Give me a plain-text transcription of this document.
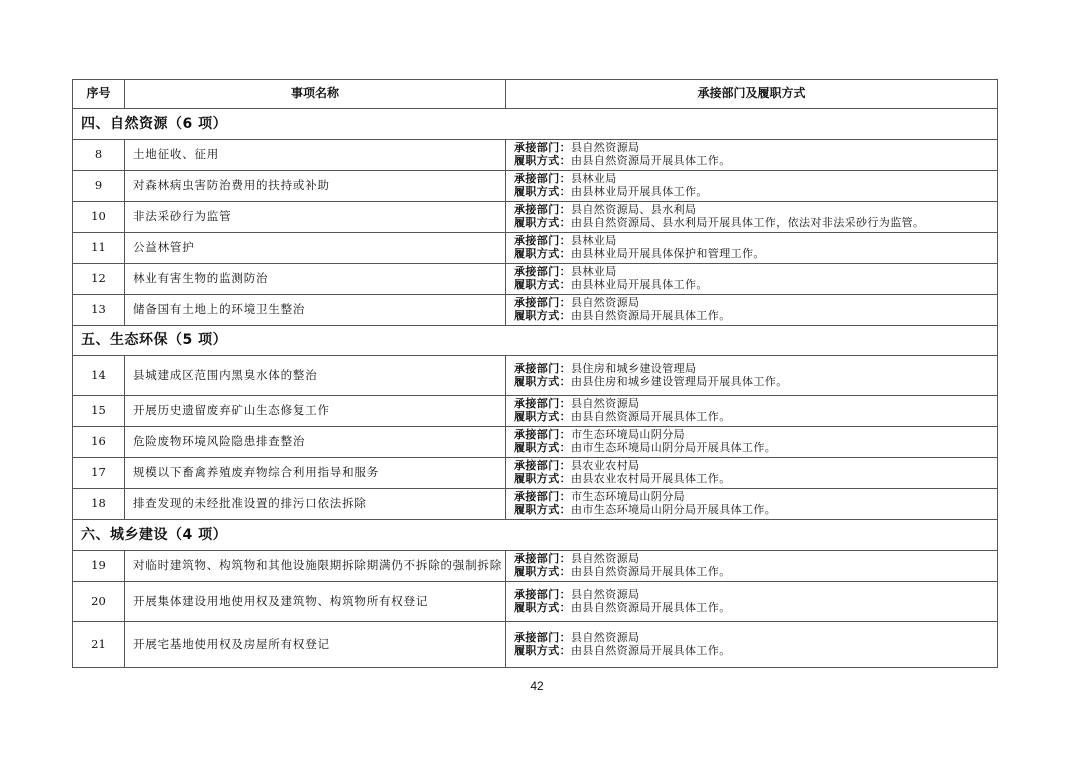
序号	事项名称	承接部门及履职方式
四、自然资源（6 项）		
8	土地征收、征用	承接部门：县自然资源局
履职方式：由县自然资源局开展具体工作。

9	对森林病虫害防治费用的扶持或补助	承接部门：县林业局
履职方式：由县林业局开展具体工作。

10	非法采砂行为监管	承接部门：县自然资源局、县水利局
履职方式：由县自然资源局、县水利局开展具体工作，依法对非法采砂行为监管。

11	公益林管护	承接部门：县林业局
履职方式：由县林业局开展具体保护和管理工作。

12	林业有害生物的监测防治	承接部门：县林业局
履职方式：由县林业局开展具体工作。

13	储备国有土地上的环境卫生整治	承接部门：县自然资源局
履职方式：由县自然资源局开展具体工作。

五、生态环保（5 项）		
14	县城建成区范围内黑臭水体的整治	承接部门：县住房和城乡建设管理局
履职方式：由县住房和城乡建设管理局开展具体工作。

15	开展历史遗留废弃矿山生态修复工作	承接部门：县自然资源局
履职方式：由县自然资源局开展具体工作。

16	危险废物环境风险隐患排查整治	承接部门：市生态环境局山阴分局
履职方式：由市生态环境局山阴分局开展具体工作。

17	规模以下畜禽养殖废弃物综合利用指导和服务	承接部门：县农业农村局
履职方式：由县农业农村局开展具体工作。

18	排查发现的未经批准设置的排污口依法拆除	承接部门：市生态环境局山阴分局
履职方式：由市生态环境局山阴分局开展具体工作。

六、城乡建设（4 项）		
19	对临时建筑物、构筑物和其他设施限期拆除期满仍不拆除的强制拆除	承接部门：县自然资源局
履职方式：由县自然资源局开展具体工作。

20	开展集体建设用地使用权及建筑物、构筑物所有权登记	承接部门：县自然资源局
履职方式：由县自然资源局开展具体工作。

21	开展宅基地使用权及房屋所有权登记	承接部门：县自然资源局
履职方式：由县自然资源局开展具体工作。
42
